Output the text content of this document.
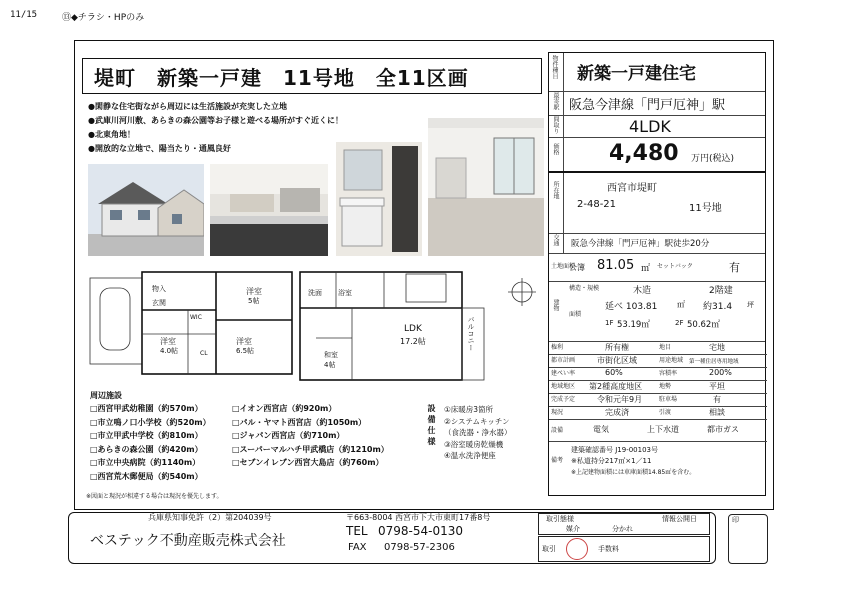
11/15	⑬◆チラシ・HPのみ
堤町　新築一戸建　11号地　全11区画
●閑静な住宅街ながら周辺には生活施設が充実した立地
●武庫川河川敷、あらきの森公園等お子様と遊べる場所がすぐ近くに！
●北東角地！
●開放的な立地で、陽当たり・通風良好
玄関
物入	洋室
5帖
洋室
4.0帖
洋室
6.5帖
WIC
CL
浴室
洗面
LDK
17.2帖
和室
4帖
バルコニー
周辺施設
□西宮甲武幼稚園（約570m）
□市立鳴ノ口小学校（約520m）
□市立甲武中学校（約810m）
□あらきの森公園（約420m）
□市立中央病院（約1140m）
□西宮荒木郵便局（約540m）
□イオン西宮店（約920m）
□パル・ヤマト西宮店（約1050m）
□ジャパン西宮店（約710m）
□スーパーマルハチ甲武橋店（約1210m）
□セブンイレブン西宮大島店（約760m）
設備仕様 ①床暖房3箇所
②システムキッチン
（食洗器・浄水器）
③浴室暖房乾燥機
④温水洗浄便座
※図面と現況が相違する場合は現況を優先します。
物件種目 新築一戸建住宅
最寄駅 阪急今津線「門戸厄神」駅
間取り	4LDK
価格 4,480 万円(税込)
所在地	西宮市堤町
2-48-21	11号地
交通 阪急今津線「門戸厄神」駅徒歩20分
土地面積
公簿 81.05 ㎡ セットバック	有
建物
構造・規模	木造	2階建
面積
延べ 103.81 ㎡ 約31.4 坪
1F 53.19㎡	2F 50.62㎡
権利	所有権	地目	宅地
都市計画	市街化区域	用途地域 第一種住居専用地域
建ぺい率	60%	容積率	200%
地域地区 第2種高度地区	地勢	平坦
完成予定	令和元年9月	駐車場	有
現況	完成済	引渡	相談
設備	電気	上下水道	都市ガス
備考
建築確認番号 J19-00103号
※私道持分217㎡×1／11
※上記建物面積には車庫面積14.85㎡を含む。
兵庫県知事免許（2）第204039号
ベステック不動産販売株式会社
〒663-8004 西宮市下大市東町17番8号
TEL 0798-54-0130
FAX 0798-57-2306
取引態様
媒介	分かれ
情報公開日
取引	手数料
印
